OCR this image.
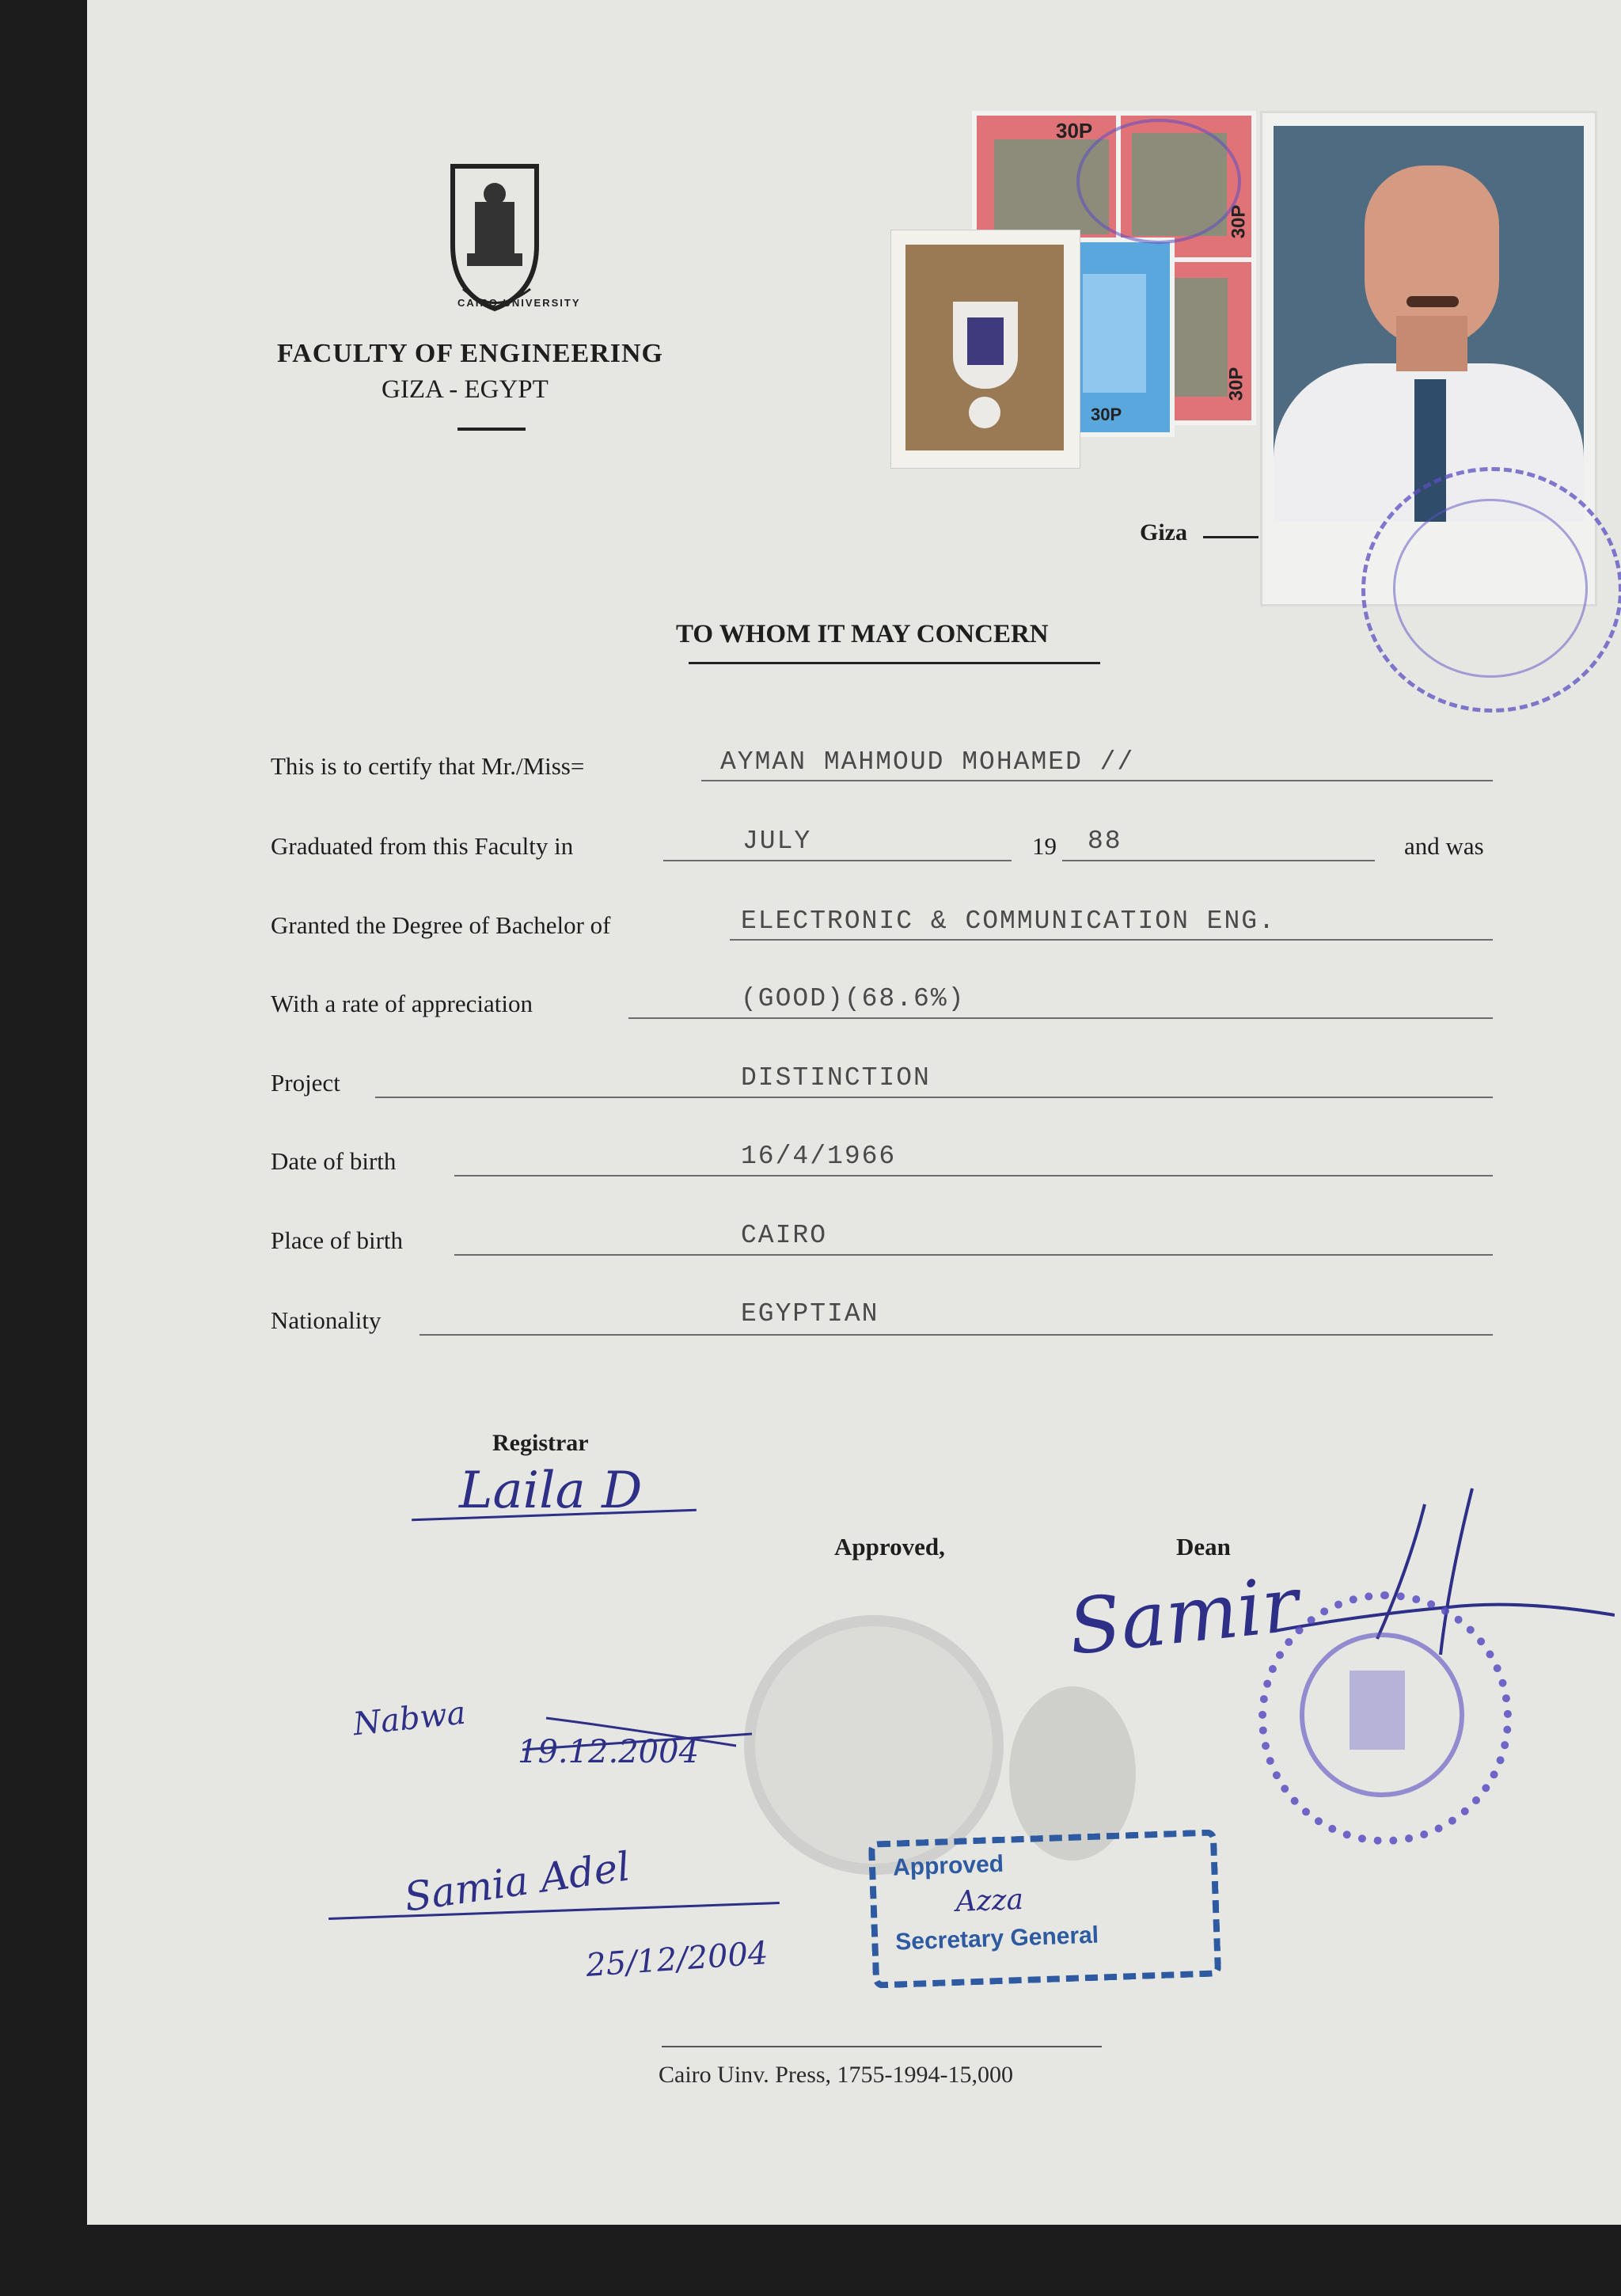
CAIRO UNIVERSITY
FACULTY OF ENGINEERING
GIZA - EGYPT
30P
30P
30P
30P
Giza
TO WHOM IT MAY CONCERN
This is to certify that Mr./Miss=	AYMAN MAHMOUD MOHAMED //
Graduated from this Faculty in	JULY	19 88	and was
Granted the Degree of Bachelor of	ELECTRONIC & COMMUNICATION ENG.
With a rate of appreciation	(GOOD)(68.6%)
Project	DISTINCTION
Date of birth	16/4/1966
Place of birth	CAIRO
Nationality	EGYPTIAN
Registrar
Laila D
Approved,	Dean
Samir
Nabwa
19.12.2004
Samia Adel
25/12/2004
Approved
Azza
Secretary General
Cairo Uinv. Press, 1755-1994-15,000
